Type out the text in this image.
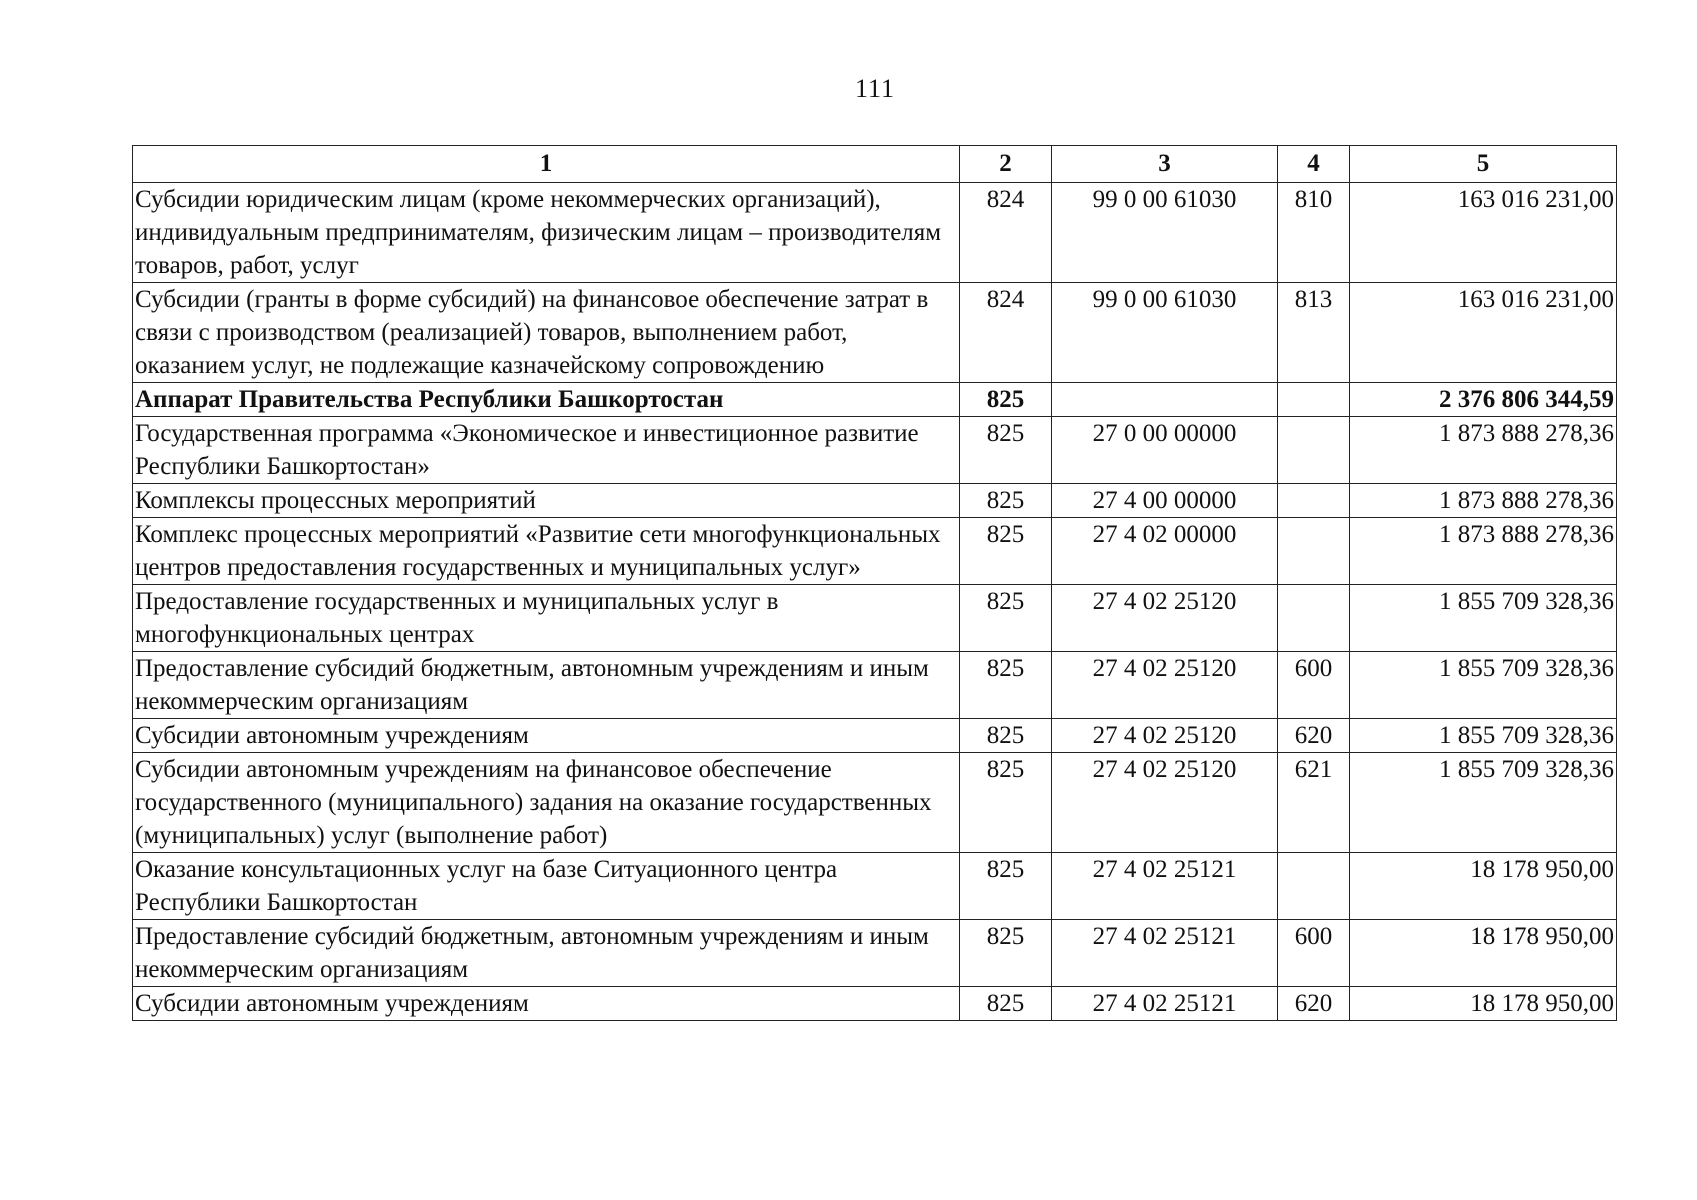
111
1	2	3	4	5
Субсидии юридическим лицам (кроме некоммерческих организаций), индивидуальным предпринимателям, физическим лицам – производителям товаров, работ, услуг	824	99 0 00 61030	810	163 016 231,00
Субсидии (гранты в форме субсидий) на финансовое обеспечение затрат в связи с производством (реализацией) товаров, выполнением работ, оказанием услуг, не подлежащие казначейскому сопровождению	824	99 0 00 61030	813	163 016 231,00
Аппарат Правительства Республики Башкортостан	825			2 376 806 344,59
Государственная программа «Экономическое и инвестиционное развитие Республики Башкортостан»	825	27 0 00 00000		1 873 888 278,36
Комплексы процессных мероприятий	825	27 4 00 00000		1 873 888 278,36
Комплекс процессных мероприятий «Развитие сети многофункциональных центров предоставления государственных и муниципальных услуг»	825	27 4 02 00000		1 873 888 278,36
Предоставление государственных и муниципальных услуг в многофункциональных центрах	825	27 4 02 25120		1 855 709 328,36
Предоставление субсидий бюджетным, автономным учреждениям и иным некоммерческим организациям	825	27 4 02 25120	600	1 855 709 328,36
Субсидии автономным учреждениям	825	27 4 02 25120	620	1 855 709 328,36
Субсидии автономным учреждениям на финансовое обеспечение государственного (муниципального) задания на оказание государственных (муниципальных) услуг (выполнение работ)	825	27 4 02 25120	621	1 855 709 328,36
Оказание консультационных услуг на базе Ситуационного центра Республики Башкортостан	825	27 4 02 25121		18 178 950,00
Предоставление субсидий бюджетным, автономным учреждениям и иным некоммерческим организациям	825	27 4 02 25121	600	18 178 950,00
Субсидии автономным учреждениям	825	27 4 02 25121	620	18 178 950,00
